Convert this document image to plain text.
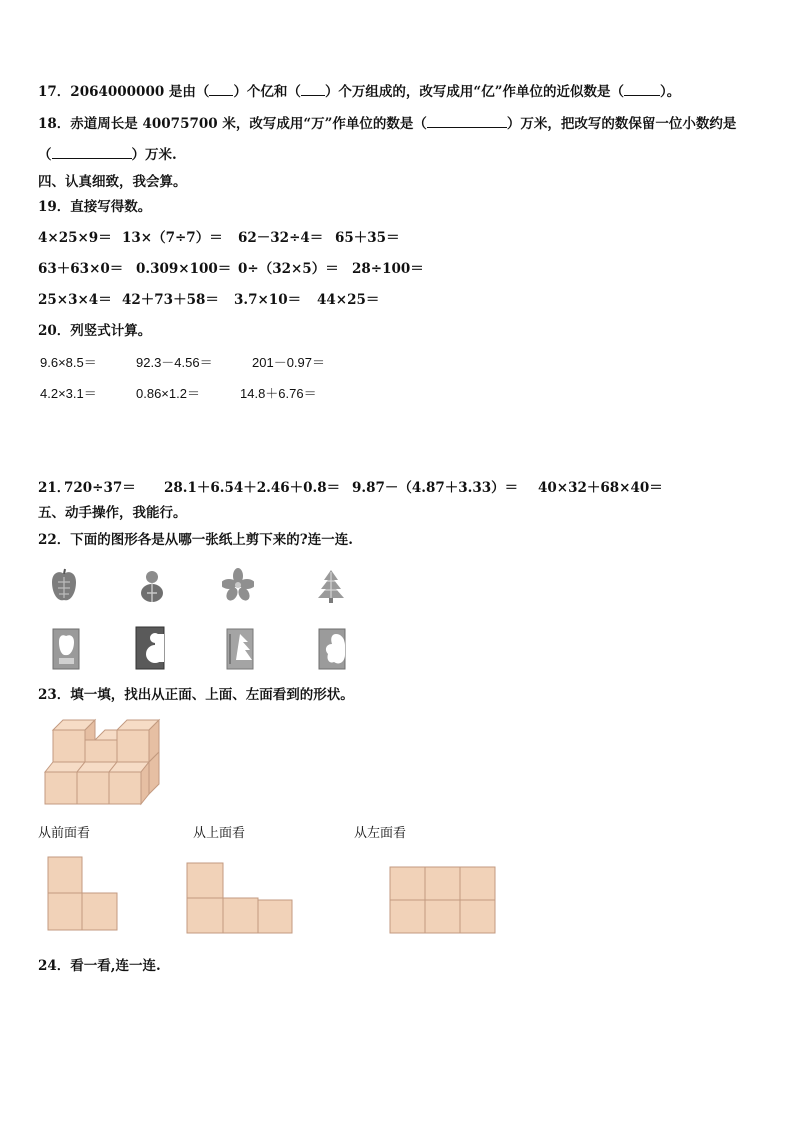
17．2064000000 是由（ ）个亿和（ ）个万组成的，改写成用“亿”作单位的近似数是（	）。
18．赤道周长是 40075700 米，改写成用“万”作单位的数是（	）万米，把改写的数保留一位小数约是
（	）万米.
四、认真细致，我会算。
19．直接写得数。
4×25×9＝ 13×（7÷7）＝ 62－32÷4＝ 65＋35＝
63＋63×0＝ 0.309×100＝ 0÷（32×5）＝ 28÷100＝
25×3×4＝ 42＋73＋58＝ 3.7×10＝ 44×25＝
20．列竖式计算。
9.6×8.5＝	92.3－4.56＝	201－0.97＝
4.2×3.1＝	0.86×1.2＝	14.8＋6.76＝
21．
720÷37＝ 28.1＋6.54＋2.46＋0.8＝ 9.87－（4.87＋3.33）＝ 40×32＋68×40＝
五、动手操作，我能行。
22．下面的图形各是从哪一张纸上剪下来的?连一连.
23．填一填，找出从正面、上面、左面看到的形状。
从前面看	从上面看	从左面看
24．看一看,连一连.
